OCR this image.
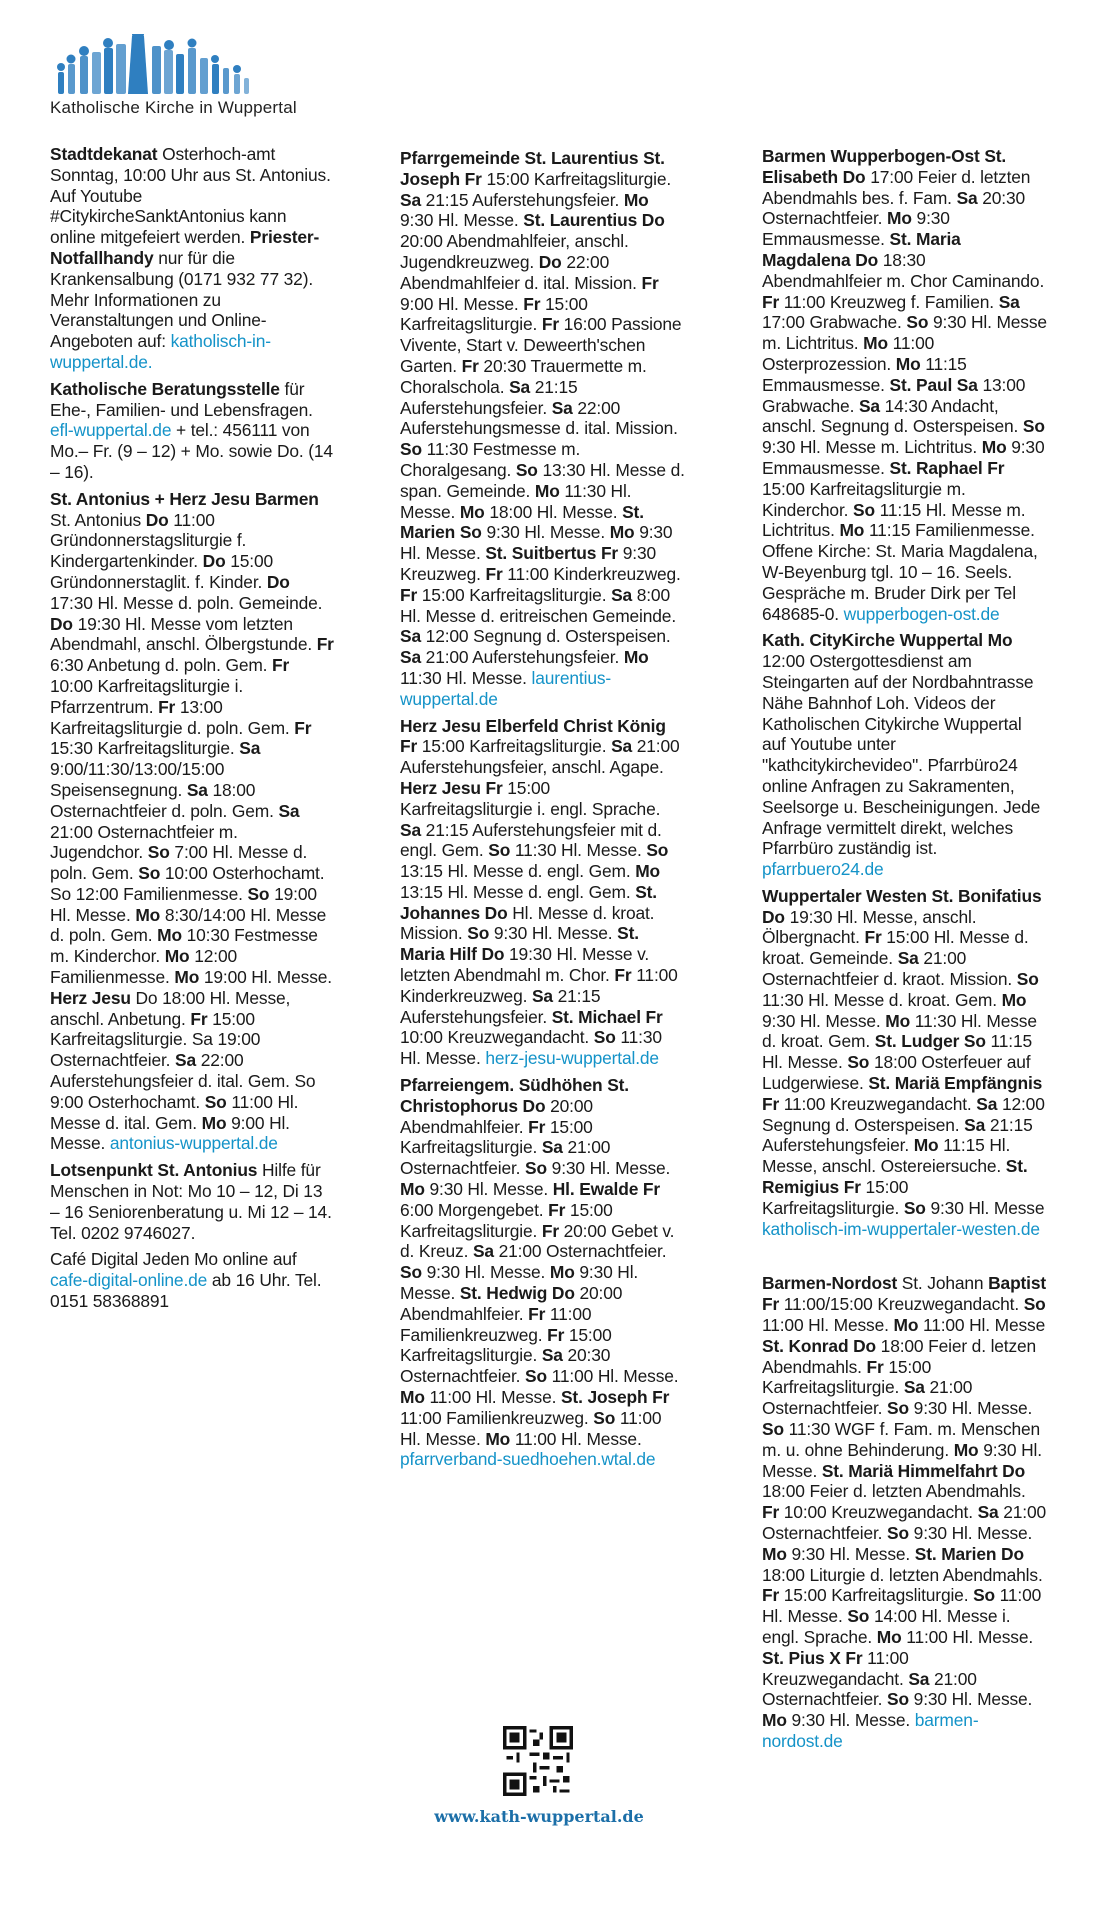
Katholische Kirche in Wuppertal
Stadtdekanat Osterhoch-amt Sonntag, 10:00 Uhr aus St. Antonius. Auf Youtube #CitykircheSanktAntonius kann online mitgefeiert werden. Priester-Notfallhandy nur für die Krankensalbung (0171 932 77 32). Mehr Informationen zu Veranstaltungen und Online-Angeboten auf: katholisch-in-wuppertal.de.
Katholische Beratungsstelle für Ehe-, Familien- und Lebensfragen. efl-wuppertal.de + tel.: 456111 von Mo.– Fr. (9 – 12) + Mo. sowie Do. (14 – 16).
St. Antonius + Herz Jesu Barmen St. Antonius Do 11:00 Gründonnerstagsliturgie f. Kindergartenkinder. Do 15:00 Gründonnerstaglit. f. Kinder. Do 17:30 Hl. Messe d. poln. Gemeinde. Do 19:30 Hl. Messe vom letzten Abendmahl, anschl. Ölbergstunde. Fr 6:30 Anbetung d. poln. Gem. Fr 10:00 Karfreitagsliturgie i. Pfarrzentrum. Fr 13:00 Karfreitagsliturgie d. poln. Gem. Fr 15:30 Karfreitagsliturgie. Sa 9:00/11:30/13:00/15:00 Speisensegnung. Sa 18:00 Osternachtfeier d. poln. Gem. Sa 21:00 Osternachtfeier m. Jugendchor. So 7:00 Hl. Messe d. poln. Gem. So 10:00 Osterhochamt. So 12:00 Familienmesse. So 19:00 Hl. Messe. Mo 8:30/14:00 Hl. Messe d. poln. Gem. Mo 10:30 Festmesse m. Kinderchor. Mo 12:00 Familienmesse. Mo 19:00 Hl. Messe. Herz Jesu Do 18:00 Hl. Messe, anschl. Anbetung. Fr 15:00 Karfreitagsliturgie. Sa 19:00 Osternachtfeier. Sa 22:00 Auferstehungsfeier d. ital. Gem. So 9:00 Osterhochamt. So 11:00 Hl. Messe d. ital. Gem. Mo 9:00 Hl. Messe. antonius-wuppertal.de
Lotsenpunkt St. Antonius Hilfe für Menschen in Not: Mo 10 – 12, Di 13 – 16 Seniorenberatung u. Mi 12 – 14. Tel. 0202 9746027.
Café Digital Jeden Mo online auf cafe-digital-online.de ab 16 Uhr. Tel. 0151 58368891
Pfarrgemeinde St. Laurentius St. Joseph Fr 15:00 Karfreitagsliturgie. Sa 21:15 Auferstehungsfeier. Mo 9:30 Hl. Messe. St. Laurentius Do 20:00 Abendmahlfeier, anschl. Jugendkreuzweg. Do 22:00 Abendmahlfeier d. ital. Mission. Fr 9:00 Hl. Messe. Fr 15:00 Karfreitagsliturgie. Fr 16:00 Passione Vivente, Start v. Deweerth'schen Garten. Fr 20:30 Trauermette m. Choralschola. Sa 21:15 Auferstehungsfeier. Sa 22:00 Auferstehungsmesse d. ital. Mission. So 11:30 Festmesse m. Choralgesang. So 13:30 Hl. Messe d. span. Gemeinde. Mo 11:30 Hl. Messe. Mo 18:00 Hl. Messe. St. Marien So 9:30 Hl. Messe. Mo 9:30 Hl. Messe. St. Suitbertus Fr 9:30 Kreuzweg. Fr 11:00 Kinderkreuzweg. Fr 15:00 Karfreitagsliturgie. Sa 8:00 Hl. Messe d. eritreischen Gemeinde. Sa 12:00 Segnung d. Osterspeisen. Sa 21:00 Auferstehungsfeier. Mo 11:30 Hl. Messe. laurentius-wuppertal.de
Herz Jesu Elberfeld Christ König Fr 15:00 Karfreitagsliturgie. Sa 21:00 Auferstehungsfeier, anschl. Agape. Herz Jesu Fr 15:00 Karfreitagsliturgie i. engl. Sprache. Sa 21:15 Auferstehungsfeier mit d. engl. Gem. So 11:30 Hl. Messe. So 13:15 Hl. Messe d. engl. Gem. Mo 13:15 Hl. Messe d. engl. Gem. St. Johannes Do Hl. Messe d. kroat. Mission. So 9:30 Hl. Messe. St. Maria Hilf Do 19:30 Hl. Messe v. letzten Abendmahl m. Chor. Fr 11:00 Kinderkreuzweg. Sa 21:15 Auferstehungsfeier. St. Michael Fr 10:00 Kreuzwegandacht. So 11:30 Hl. Messe. herz-jesu-wuppertal.de
Pfarreiengem. Südhöhen St. Christophorus Do 20:00 Abendmahlfeier. Fr 15:00 Karfreitagsliturgie. Sa 21:00 Osternachtfeier. So 9:30 Hl. Messe. Mo 9:30 Hl. Messe. Hl. Ewalde Fr 6:00 Morgengebet. Fr 15:00 Karfreitagsliturgie. Fr 20:00 Gebet v. d. Kreuz. Sa 21:00 Osternachtfeier. So 9:30 Hl. Messe. Mo 9:30 Hl. Messe. St. Hedwig Do 20:00 Abendmahlfeier. Fr 11:00 Familienkreuzweg. Fr 15:00 Karfreitagsliturgie. Sa 20:30 Osternachtfeier. So 11:00 Hl. Messe. Mo 11:00 Hl. Messe. St. Joseph Fr 11:00 Familienkreuzweg. So 11:00 Hl. Messe. Mo 11:00 Hl. Messe. pfarrverband-suedhoehen.wtal.de
Barmen Wupperbogen-Ost St. Elisabeth Do 17:00 Feier d. letzten Abendmahls bes. f. Fam. Sa 20:30 Osternachtfeier. Mo 9:30 Emmausmesse. St. Maria Magdalena Do 18:30 Abendmahlfeier m. Chor Caminando. Fr 11:00 Kreuzweg f. Familien. Sa 17:00 Grabwache. So 9:30 Hl. Messe m. Lichtritus. Mo 11:00 Osterprozession. Mo 11:15 Emmausmesse. St. Paul Sa 13:00 Grabwache. Sa 14:30 Andacht, anschl. Segnung d. Osterspeisen. So 9:30 Hl. Messe m. Lichtritus. Mo 9:30 Emmausmesse. St. Raphael Fr 15:00 Karfreitagsliturgie m. Kinderchor. So 11:15 Hl. Messe m. Lichtritus. Mo 11:15 Familienmesse. Offene Kirche: St. Maria Magdalena, W-Beyenburg tgl. 10 – 16. Seels. Gespräche m. Bruder Dirk per Tel 648685-0. wupperbogen-ost.de
Kath. CityKirche Wuppertal Mo 12:00 Ostergottesdienst am Steingarten auf der Nordbahntrasse Nähe Bahnhof Loh. Videos der Katholischen Citykirche Wuppertal auf Youtube unter "kathcitykirchevideo". Pfarrbüro24 online Anfragen zu Sakramenten, Seelsorge u. Bescheinigungen. Jede Anfrage vermittelt direkt, welches Pfarrbüro zuständig ist. pfarrbuero24.de
Wuppertaler Westen St. Bonifatius Do 19:30 Hl. Messe, anschl. Ölbergnacht. Fr 15:00 Hl. Messe d. kroat. Gemeinde. Sa 21:00 Osternachtfeier d. kraot. Mission. So 11:30 Hl. Messe d. kroat. Gem. Mo 9:30 Hl. Messe. Mo 11:30 Hl. Messe d. kroat. Gem. St. Ludger So 11:15 Hl. Messe. So 18:00 Osterfeuer auf Ludgerwiese. St. Mariä Empfängnis Fr 11:00 Kreuzwegandacht. Sa 12:00 Segnung d. Osterspeisen. Sa 21:15 Auferstehungsfeier. Mo 11:15 Hl. Messe, anschl. Ostereiersuche. St. Remigius Fr 15:00 Karfreitagsliturgie. So 9:30 Hl. Messe katholisch-im-wuppertaler-westen.de
Barmen-Nordost St. Johann Baptist Fr 11:00/15:00 Kreuzwegandacht. So 11:00 Hl. Messe. Mo 11:00 Hl. Messe St. Konrad Do 18:00 Feier d. letzen Abendmahls. Fr 15:00 Karfreitagsliturgie. Sa 21:00 Osternachtfeier. So 9:30 Hl. Messe. So 11:30 WGF f. Fam. m. Menschen m. u. ohne Behinderung. Mo 9:30 Hl. Messe. St. Mariä Himmelfahrt Do 18:00 Feier d. letzten Abendmahls. Fr 10:00 Kreuzwegandacht. Sa 21:00 Osternachtfeier. So 9:30 Hl. Messe. Mo 9:30 Hl. Messe. St. Marien Do 18:00 Liturgie d. letzten Abendmahls. Fr 15:00 Karfreitagsliturgie. So 11:00 Hl. Messe. So 14:00 Hl. Messe i. engl. Sprache. Mo 11:00 Hl. Messe. St. Pius X Fr 11:00 Kreuzwegandacht. Sa 21:00 Osternachtfeier. So 9:30 Hl. Messe. Mo 9:30 Hl. Messe. barmen-nordost.de
www.kath-wuppertal.de
